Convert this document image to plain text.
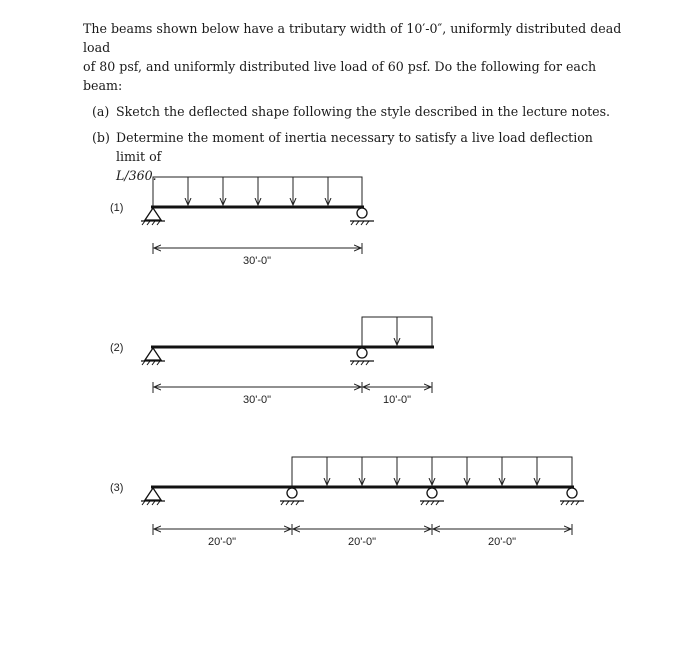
The beams shown below have a tributary width of 10′-0″, uniformly distributed dead load
of 80 psf, and uniformly distributed live load of 60 psf. Do the following for each beam:

(a) Sketch the deflected shape following the style described in the lecture notes.
(b) Determine the moment of inertia necessary to satisfy a live load deflection limit of
L/360.
(1)
30'-0"
(2)
30'-0"	10'-0"
(3)
20'-0"	20'-0"	20'-0"
